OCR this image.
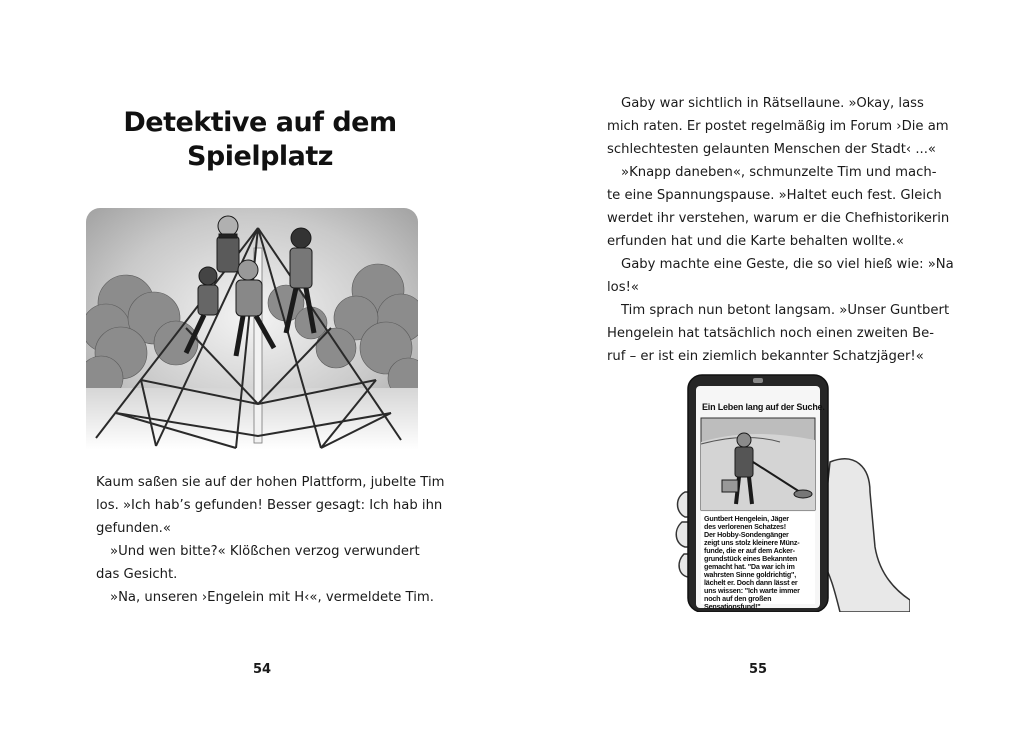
Detektive auf dem
Spielplatz
Kaum saßen sie auf der hohen Plattform, jubelte Tim
los. »Ich hab’s gefunden! Besser gesagt: Ich hab ihn
gefunden.«
»Und wen bitte?« Klößchen verzog verwundert
das Gesicht.
»Na, unseren ›Engelein mit H‹«, vermeldete Tim.
54
Gaby war sichtlich in Rätsellaune. »Okay, lass
mich raten. Er postet regelmäßig im Forum ›Die am
schlechtesten gelaunten Menschen der Stadt‹ ...«
»Knapp daneben«, schmunzelte Tim und mach-
te eine Spannungspause. »Haltet euch fest. Gleich
werdet ihr verstehen, warum er die Chefhistorikerin
erfunden hat und die Karte behalten wollte.«
Gaby machte eine Geste, die so viel hieß wie: »Na
los!«
Tim sprach nun betont langsam. »Unser Guntbert
Hengelein hat tatsächlich noch einen zweiten Be-
ruf – er ist ein ziemlich bekannter Schatzjäger!«
Ein Leben lang auf der Suche.
Guntbert Hengelein, Jäger
des verlorenen Schatzes!
Der Hobby-Sondengänger
zeigt uns stolz kleinere Münz-
funde, die er auf dem Acker-
grundstück eines Bekannten
gemacht hat. "Da war ich im
wahrsten Sinne goldrichtig",
lächelt er. Doch dann lässt er
uns wissen: "Ich warte immer
noch auf den großen
Sensationsfund!"
55
